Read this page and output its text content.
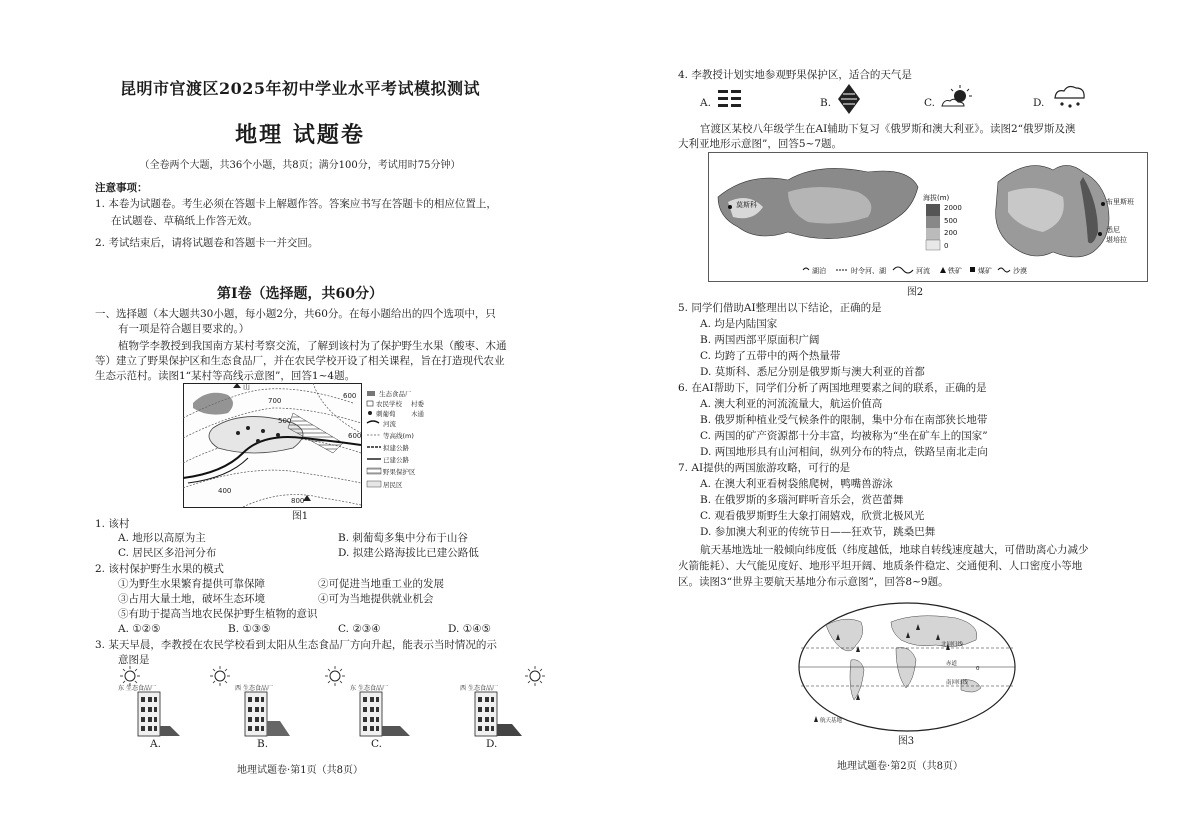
昆明市官渡区2025年初中学业水平考试模拟测试
地理 试题卷
（全卷两个大题，共36个小题，共8页；满分100分，考试用时75分钟）
注意事项：
1. 本卷为试题卷。考生必须在答题卡上解题作答。答案应书写在答题卡的相应位置上，
在试题卷、草稿纸上作答无效。
2. 考试结束后，请将试题卷和答题卡一并交回。
第Ⅰ卷（选择题，共60分）
一、选择题（本大题共30小题，每小题2分，共60分。在每小题给出的四个选项中，只
有一项是符合题目要求的。）
植物学李教授到我国南方某村考察交流，了解到该村为了保护野生水果（酸枣、木通
等）建立了野果保护区和生态食品厂，并在农民学校开设了相关课程，旨在打造现代农业
生态示范村。读图1“某村等高线示意图”，回答1~4题。
600
700
500
600
400
800
山
生态食品厂
农民学校 村委
刺葡萄 木通
河流
等高线(m)
拟建公路
已建公路
野果保护区
居民区
图1
1. 该村
A. 地形以高原为主	B. 刺葡萄多集中分布于山谷
C. 居民区多沿河分布	D. 拟建公路海拔比已建公路低
2. 该村保护野生水果的模式
①为野生水果繁育提供可靠保障	②可促进当地重工业的发展
③占用大量土地，破坏生态环境	④可为当地提供就业机会
⑤有助于提高当地农民保护野生植物的意识
A. ①②⑤	B. ①③⑤	C. ②③④	D. ①④⑤
3. 某天早晨，李教授在农民学校看到太阳从生态食品厂方向升起，能表示当时情况的示
意图是
东 生态食品厂	西 生态食品厂	东 生态食品厂	西 生态食品厂
A.	B.	C.	D.
地理试题卷·第1页（共8页）
4. 李教授计划实地参观野果保护区，适合的天气是
A.	B.	C.	D.
官渡区某校八年级学生在AI辅助下复习《俄罗斯和澳大利亚》。读图2“俄罗斯及澳
大利亚地形示意图”，回答5~7题。
莫斯科
海拔(m)
2000
500
200
0
布里斯班
悉尼
堪培拉
湖泊	时令河、湖	河流	铁矿 煤矿	沙漠
图2
5. 同学们借助AI整理出以下结论，正确的是
A. 均是内陆国家
B. 两国西部平原面积广阔
C. 均跨了五带中的两个热量带
D. 莫斯科、悉尼分别是俄罗斯与澳大利亚的首都
6. 在AI帮助下，同学们分析了两国地理要素之间的联系，正确的是
A. 澳大利亚的河流流量大，航运价值高
B. 俄罗斯种植业受气候条件的限制，集中分布在南部狭长地带
C. 两国的矿产资源都十分丰富，均被称为“坐在矿车上的国家”
D. 两国地形具有山河相间，纵列分布的特点，铁路呈南北走向
7. AI提供的两国旅游攻略，可行的是
A. 在澳大利亚看树袋熊爬树，鸭嘴兽游泳
B. 在俄罗斯的多瑙河畔听音乐会，赏芭蕾舞
C. 观看俄罗斯野生大象打闹嬉戏，欣赏北极风光
D. 参加澳大利亚的传统节日——狂欢节，跳桑巴舞
航天基地选址一般倾向纬度低（纬度越低，地球自转线速度越大，可借助离心力减少
火箭能耗）、大气能见度好、地形平坦开阔、地质条件稳定、交通便利、人口密度小等地
区。读图3“世界主要航天基地分布示意图”，回答8~9题。
北回归线
赤道
南回归线
0
航天基地
图3
地理试题卷·第2页（共8页）
